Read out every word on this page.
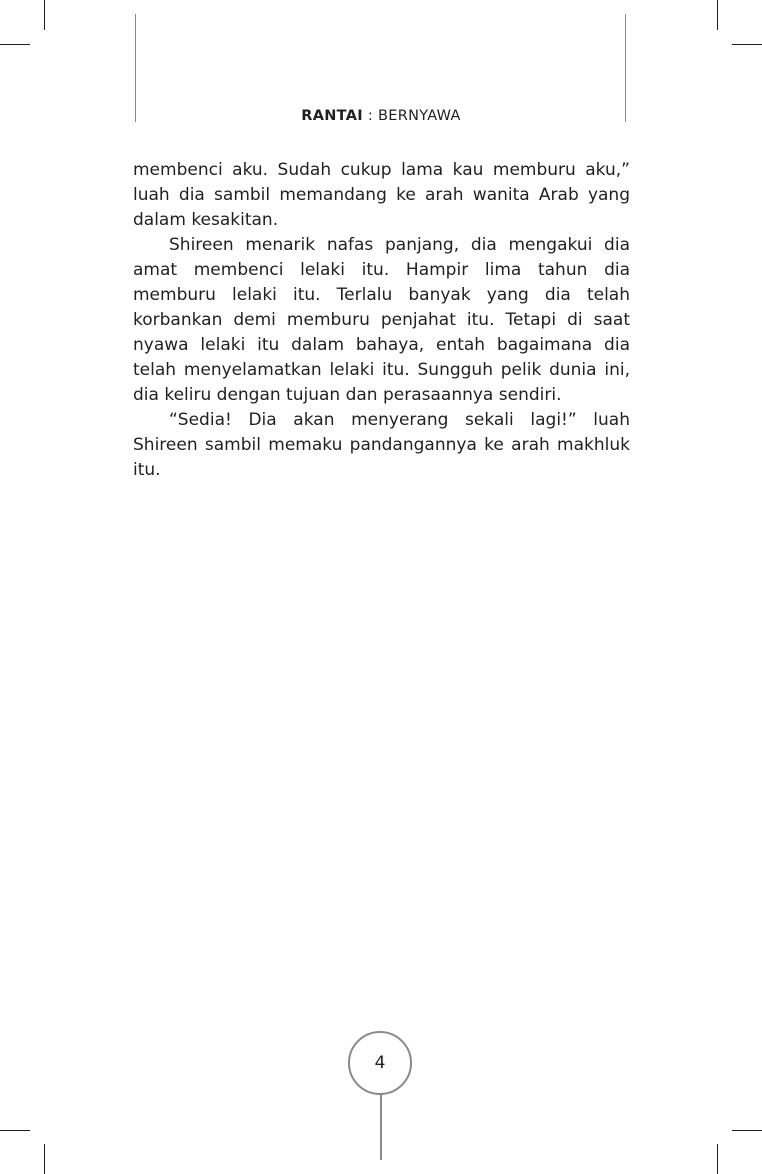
RANTAI : BERNYAWA

membenci aku. Sudah cukup lama kau memburu aku,” luah dia sambil memandang ke arah wanita Arab yang dalam kesakitan.

Shireen menarik nafas panjang, dia mengakui dia amat membenci lelaki itu. Hampir lima tahun dia memburu lelaki itu. Terlalu banyak yang dia telah korbankan demi memburu penjahat itu. Tetapi di saat nyawa lelaki itu dalam bahaya, entah bagaimana dia telah menyelamatkan lelaki itu. Sungguh pelik dunia ini, dia keliru dengan tujuan dan perasaannya sendiri.

“Sedia! Dia akan menyerang sekali lagi!” luah Shireen sambil memaku pandangannya ke arah makhluk itu.

4
